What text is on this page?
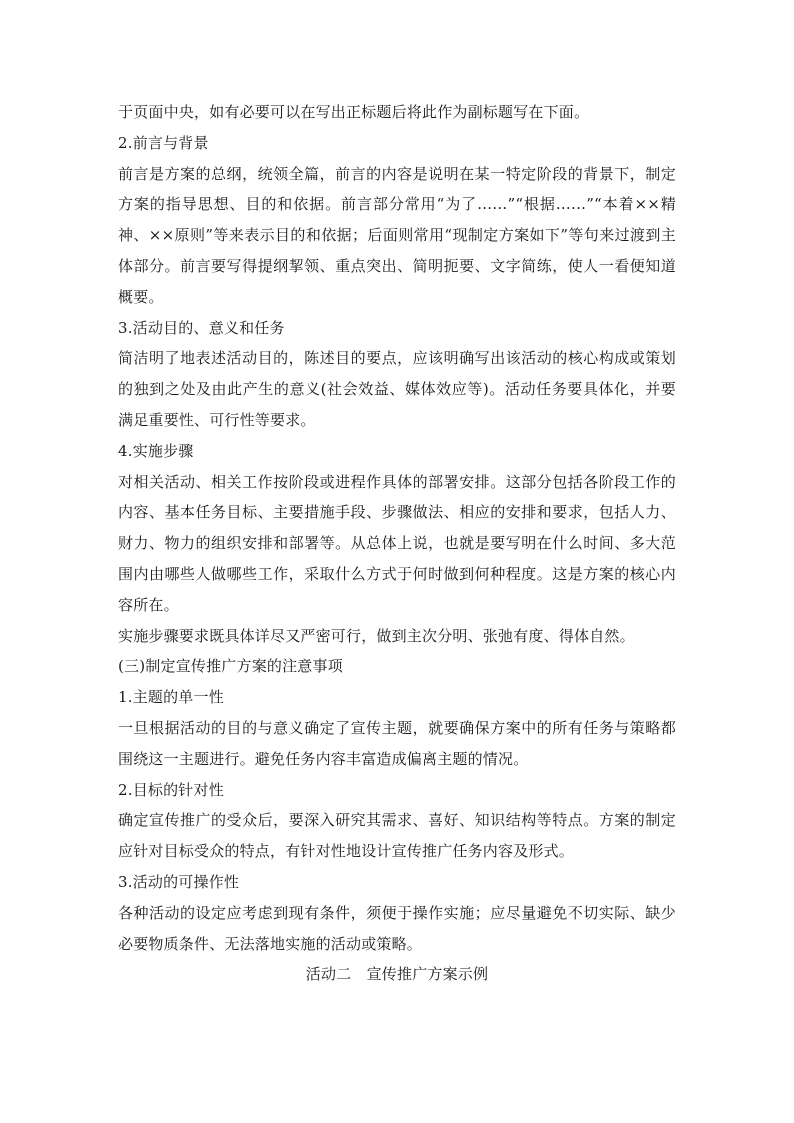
于页面中央，如有必要可以在写出正标题后将此作为副标题写在下面。

2.前言与背景

前言是方案的总纲，统领全篇，前言的内容是说明在某一特定阶段的背景下，制定方案的指导思想、目的和依据。前言部分常用“为了……”“根据……”“本着××精神、××原则”等来表示目的和依据；后面则常用“现制定方案如下”等句来过渡到主体部分。前言要写得提纲挈领、重点突出、简明扼要、文字简练，使人一看便知道概要。

3.活动目的、意义和任务

简洁明了地表述活动目的，陈述目的要点，应该明确写出该活动的核心构成或策划的独到之处及由此产生的意义(社会效益、媒体效应等)。活动任务要具体化，并要满足重要性、可行性等要求。

4.实施步骤

对相关活动、相关工作按阶段或进程作具体的部署安排。这部分包括各阶段工作的内容、基本任务目标、主要措施手段、步骤做法、相应的安排和要求，包括人力、财力、物力的组织安排和部署等。从总体上说，也就是要写明在什么时间、多大范围内由哪些人做哪些工作，采取什么方式于何时做到何种程度。这是方案的核心内容所在。

实施步骤要求既具体详尽又严密可行，做到主次分明、张弛有度、得体自然。

(三)制定宣传推广方案的注意事项

1.主题的单一性

一旦根据活动的目的与意义确定了宣传主题，就要确保方案中的所有任务与策略都围绕这一主题进行。避免任务内容丰富造成偏离主题的情况。

2.目标的针对性

确定宣传推广的受众后，要深入研究其需求、喜好、知识结构等特点。方案的制定应针对目标受众的特点，有针对性地设计宣传推广任务内容及形式。

3.活动的可操作性

各种活动的设定应考虑到现有条件，须便于操作实施；应尽量避免不切实际、缺少必要物质条件、无法落地实施的活动或策略。

活动二　宣传推广方案示例
